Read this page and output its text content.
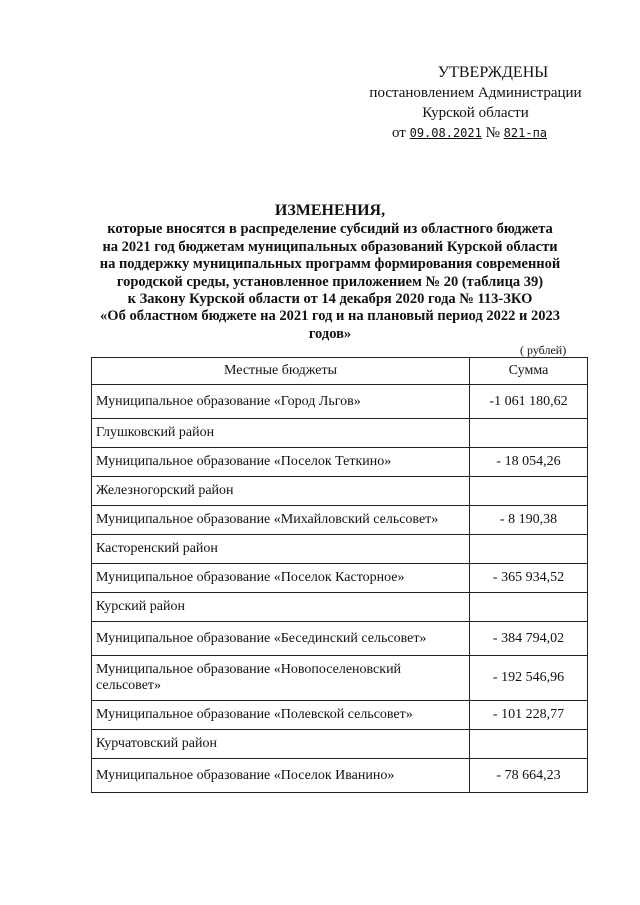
УТВЕРЖДЕНЫ
постановлением Администрации
Курской области
от 09.08.2021 № 821-па
ИЗМЕНЕНИЯ,
которые вносятся в распределение субсидий из областного бюджета
на 2021 год бюджетам муниципальных образований Курской области
на поддержку муниципальных программ формирования современной
городской среды, установленное приложением № 20 (таблица 39)
к Закону Курской области от 14 декабря 2020 года № 113-ЗКО
«Об областном бюджете на 2021 год и на плановый период 2022 и 2023
годов»
( рублей)
Местные бюджеты	Сумма
Муниципальное образование «Город Льгов»	-1 061 180,62
Глушковский район	
Муниципальное образование «Поселок Теткино»	- 18 054,26
Железногорский район	
Муниципальное образование «Михайловский сельсовет»	- 8 190,38
Касторенский район	
Муниципальное образование «Поселок Касторное»	- 365 934,52
Курский район	
Муниципальное образование «Бесединский сельсовет»	- 384 794,02
Муниципальное образование «Новопоселеновский сельсовет»	- 192 546,96
Муниципальное образование «Полевской сельсовет»	- 101 228,77
Курчатовский район	
Муниципальное образование «Поселок Иванино»	- 78 664,23
